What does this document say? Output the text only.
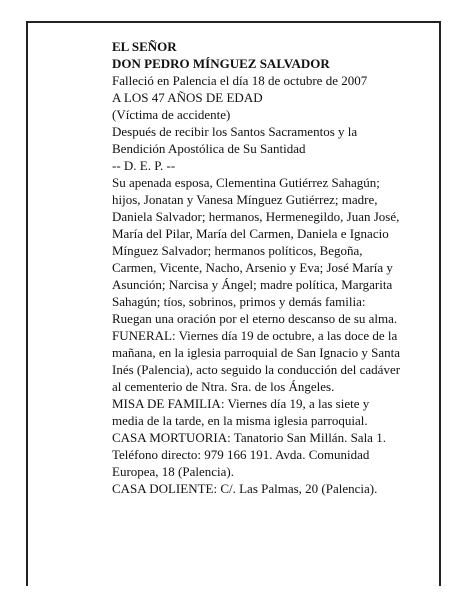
EL SEÑOR
DON PEDRO MÍNGUEZ SALVADOR
Falleció en Palencia el día 18 de octubre de 2007
A LOS 47 AÑOS DE EDAD
(Víctima de accidente)
Después de recibir los Santos Sacramentos y la
Bendición Apostólica de Su Santidad
-- D. E. P. --
Su apenada esposa, Clementina Gutiérrez Sahagún;
hijos, Jonatan y Vanesa Mínguez Gutiérrez; madre,
Daniela Salvador; hermanos, Hermenegildo, Juan José,
María del Pilar, María del Carmen, Daniela e Ignacio
Mínguez Salvador; hermanos políticos, Begoña,
Carmen, Vicente, Nacho, Arsenio y Eva; José María y
Asunción; Narcisa y Ángel; madre política, Margarita
Sahagún; tíos, sobrinos, primos y demás familia:
Ruegan una oración por el eterno descanso de su alma.
FUNERAL: Viernes día 19 de octubre, a las doce de la
mañana, en la iglesia parroquial de San Ignacio y Santa
Inés (Palencia), acto seguido la conducción del cadáver
al cementerio de Ntra. Sra. de los Ángeles.
MISA DE FAMILIA: Viernes día 19, a las siete y
media de la tarde, en la misma iglesia parroquial.
CASA MORTUORIA: Tanatorio San Millán. Sala 1.
Teléfono directo: 979 166 191. Avda. Comunidad
Europea, 18 (Palencia).
CASA DOLIENTE: C/. Las Palmas, 20 (Palencia).
